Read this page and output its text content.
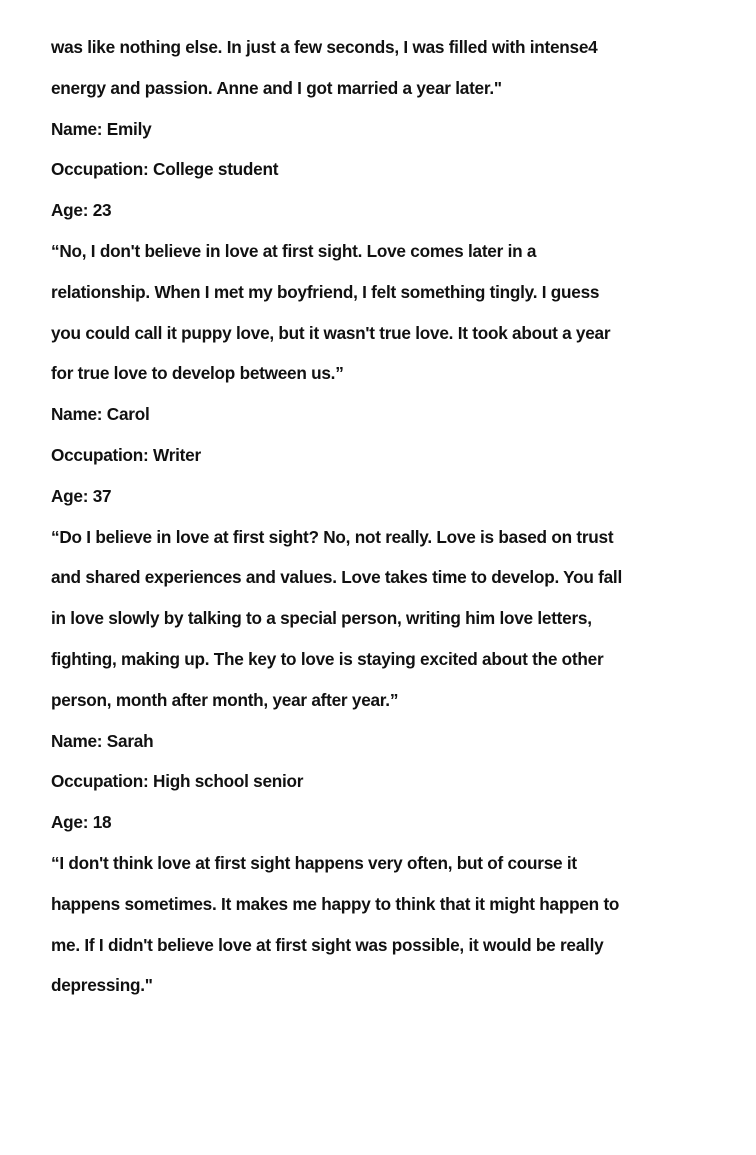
was like nothing else. In just a few seconds, I was filled with intense4
energy and passion. Anne and I got married a year later."
Name: Emily
Occupation: College student
Age: 23
“No, I don't believe in love at first sight. Love comes later in a
relationship. When I met my boyfriend, I felt something tingly. I guess
you could call it puppy love, but it wasn't true love. It took about a year
for true love to develop between us.”
Name: Carol
Occupation: Writer
Age: 37
“Do I believe in love at first sight? No, not really. Love is based on trust
and shared experiences and values. Love takes time to develop. You fall
in love slowly by talking to a special person, writing him love letters,
fighting, making up. The key to love is staying excited about the other
person, month after month, year after year.”
Name: Sarah
Occupation: High school senior
Age: 18
“I don't think love at first sight happens very often, but of course it
happens sometimes. It makes me happy to think that it might happen to
me. If I didn't believe love at first sight was possible, it would be really
depressing."
